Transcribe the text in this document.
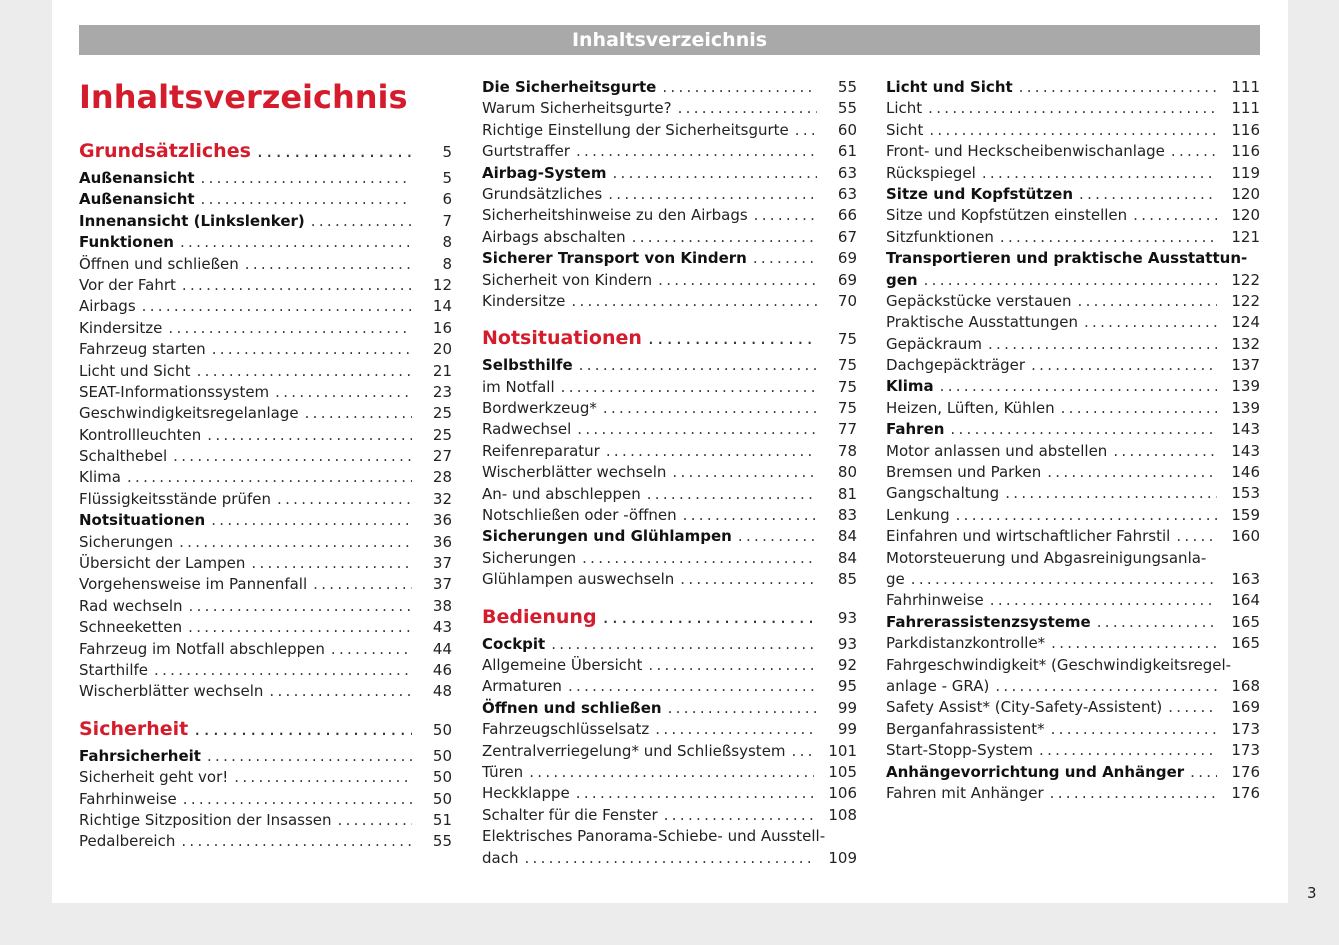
Inhaltsverzeichnis
Inhaltsverzeichnis
Grundsätzliches .....	5
Außenansicht .....	5
Außenansicht .....	6
Innenansicht (Linkslenker) .....	7
Funktionen .....	8
Öffnen und schließen .....	8
Vor der Fahrt .....	12
Airbags .....	14
Kindersitze .....	16
Fahrzeug starten .....	20
Licht und Sicht .....	21
SEAT-Informationssystem .....	23
Geschwindigkeitsregelanlage .....	25
Kontrollleuchten .....	25
Schalthebel .....	27
Klima .....	28
Flüssigkeitsstände prüfen .....	32
Notsituationen .....	36
Sicherungen .....	36
Übersicht der Lampen .....	37
Vorgehensweise im Pannenfall .....	37
Rad wechseln .....	38
Schneeketten .....	43
Fahrzeug im Notfall abschleppen .....	44
Starthilfe .....	46
Wischerblätter wechseln .....	48
Sicherheit .....	50
Fahrsicherheit .....	50
Sicherheit geht vor! .....	50
Fahrhinweise .....	50
Richtige Sitzposition der Insassen .....	51
Pedalbereich .....	55
Die Sicherheitsgurte .....	55
Warum Sicherheitsgurte? .....	55
Richtige Einstellung der Sicherheitsgurte .....	60
Gurtstraffer .....	61
Airbag-System .....	63
Grundsätzliches .....	63
Sicherheitshinweise zu den Airbags .....	66
Airbags abschalten .....	67
Sicherer Transport von Kindern .....	69
Sicherheit von Kindern .....	69
Kindersitze .....	70
Notsituationen .....	75
Selbsthilfe .....	75
im Notfall .....	75
Bordwerkzeug* .....	75
Radwechsel .....	77
Reifenreparatur .....	78
Wischerblätter wechseln .....	80
An- und abschleppen .....	81
Notschließen oder -öffnen .....	83
Sicherungen und Glühlampen .....	84
Sicherungen .....	84
Glühlampen auswechseln .....	85
Bedienung .....	93
Cockpit .....	93
Allgemeine Übersicht .....	92
Armaturen .....	95
Öffnen und schließen .....	99
Fahrzeugschlüsselsatz .....	99
Zentralverriegelung* und Schließsystem .....	101
Türen .....	105
Heckklappe .....	106
Schalter für die Fenster .....	108
Elektrisches Panorama-Schiebe- und Ausstell-
dach .....	109
Licht und Sicht .....	111
Licht .....	111
Sicht .....	116
Front- und Heckscheibenwischanlage .....	116
Rückspiegel .....	119
Sitze und Kopfstützen .....	120
Sitze und Kopfstützen einstellen .....	120
Sitzfunktionen .....	121
Transportieren und praktische Ausstattun-
gen .....	122
Gepäckstücke verstauen .....	122
Praktische Ausstattungen .....	124
Gepäckraum .....	132
Dachgepäckträger .....	137
Klima .....	139
Heizen, Lüften, Kühlen .....	139
Fahren .....	143
Motor anlassen und abstellen .....	143
Bremsen und Parken .....	146
Gangschaltung .....	153
Lenkung .....	159
Einfahren und wirtschaftlicher Fahrstil .....	160
Motorsteuerung und Abgasreinigungsanla-
ge .....	163
Fahrhinweise .....	164
Fahrerassistenzsysteme .....	165
Parkdistanzkontrolle* .....	165
Fahrgeschwindigkeit* (Geschwindigkeitsregel-
anlage - GRA) .....	168
Safety Assist* (City-Safety-Assistent) .....	169
Berganfahrassistent* .....	173
Start-Stopp-System .....	173
Anhängevorrichtung und Anhänger .....	176
Fahren mit Anhänger .....	176
3
